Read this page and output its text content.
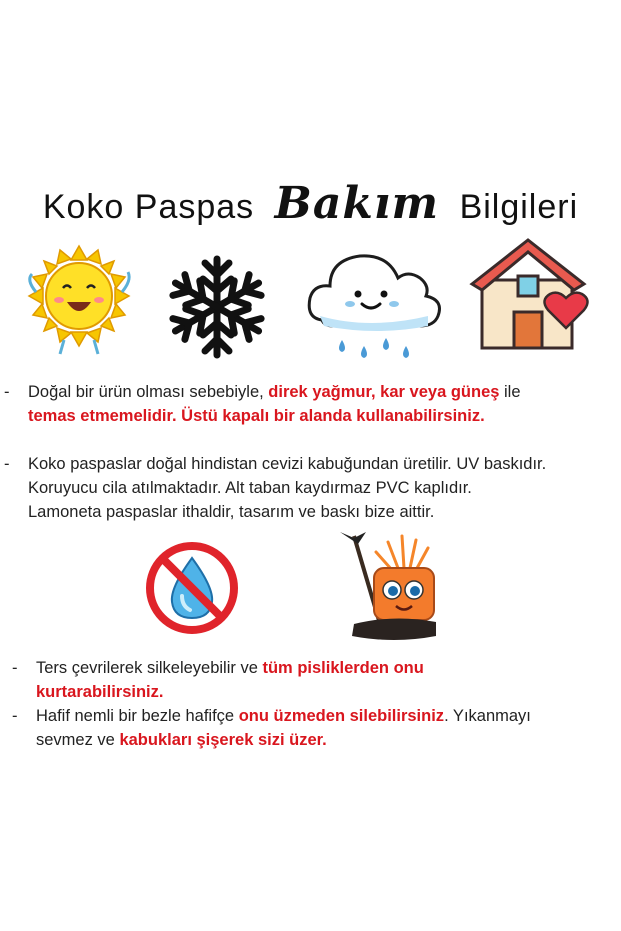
Koko Paspas Bakım Bilgileri
- Doğal bir ürün olması sebebiyle, direk yağmur, kar veya güneş ile
temas etmemelidir. Üstü kapalı bir alanda kullanabilirsiniz.
- Koko paspaslar doğal hindistan cevizi kabuğundan üretilir. UV baskıdır.
Koruyucu cila atılmaktadır. Alt taban kaydırmaz PVC kaplıdır.
Lamoneta paspaslar ithaldir, tasarım ve baskı bize aittir.
- Ters çevrilerek silkeleyebilir ve tüm pisliklerden onu
kurtarabilirsiniz.
- Hafif nemli bir bezle hafifçe onu üzmeden silebilirsiniz. Yıkanmayı
sevmez ve kabukları şişerek sizi üzer.
